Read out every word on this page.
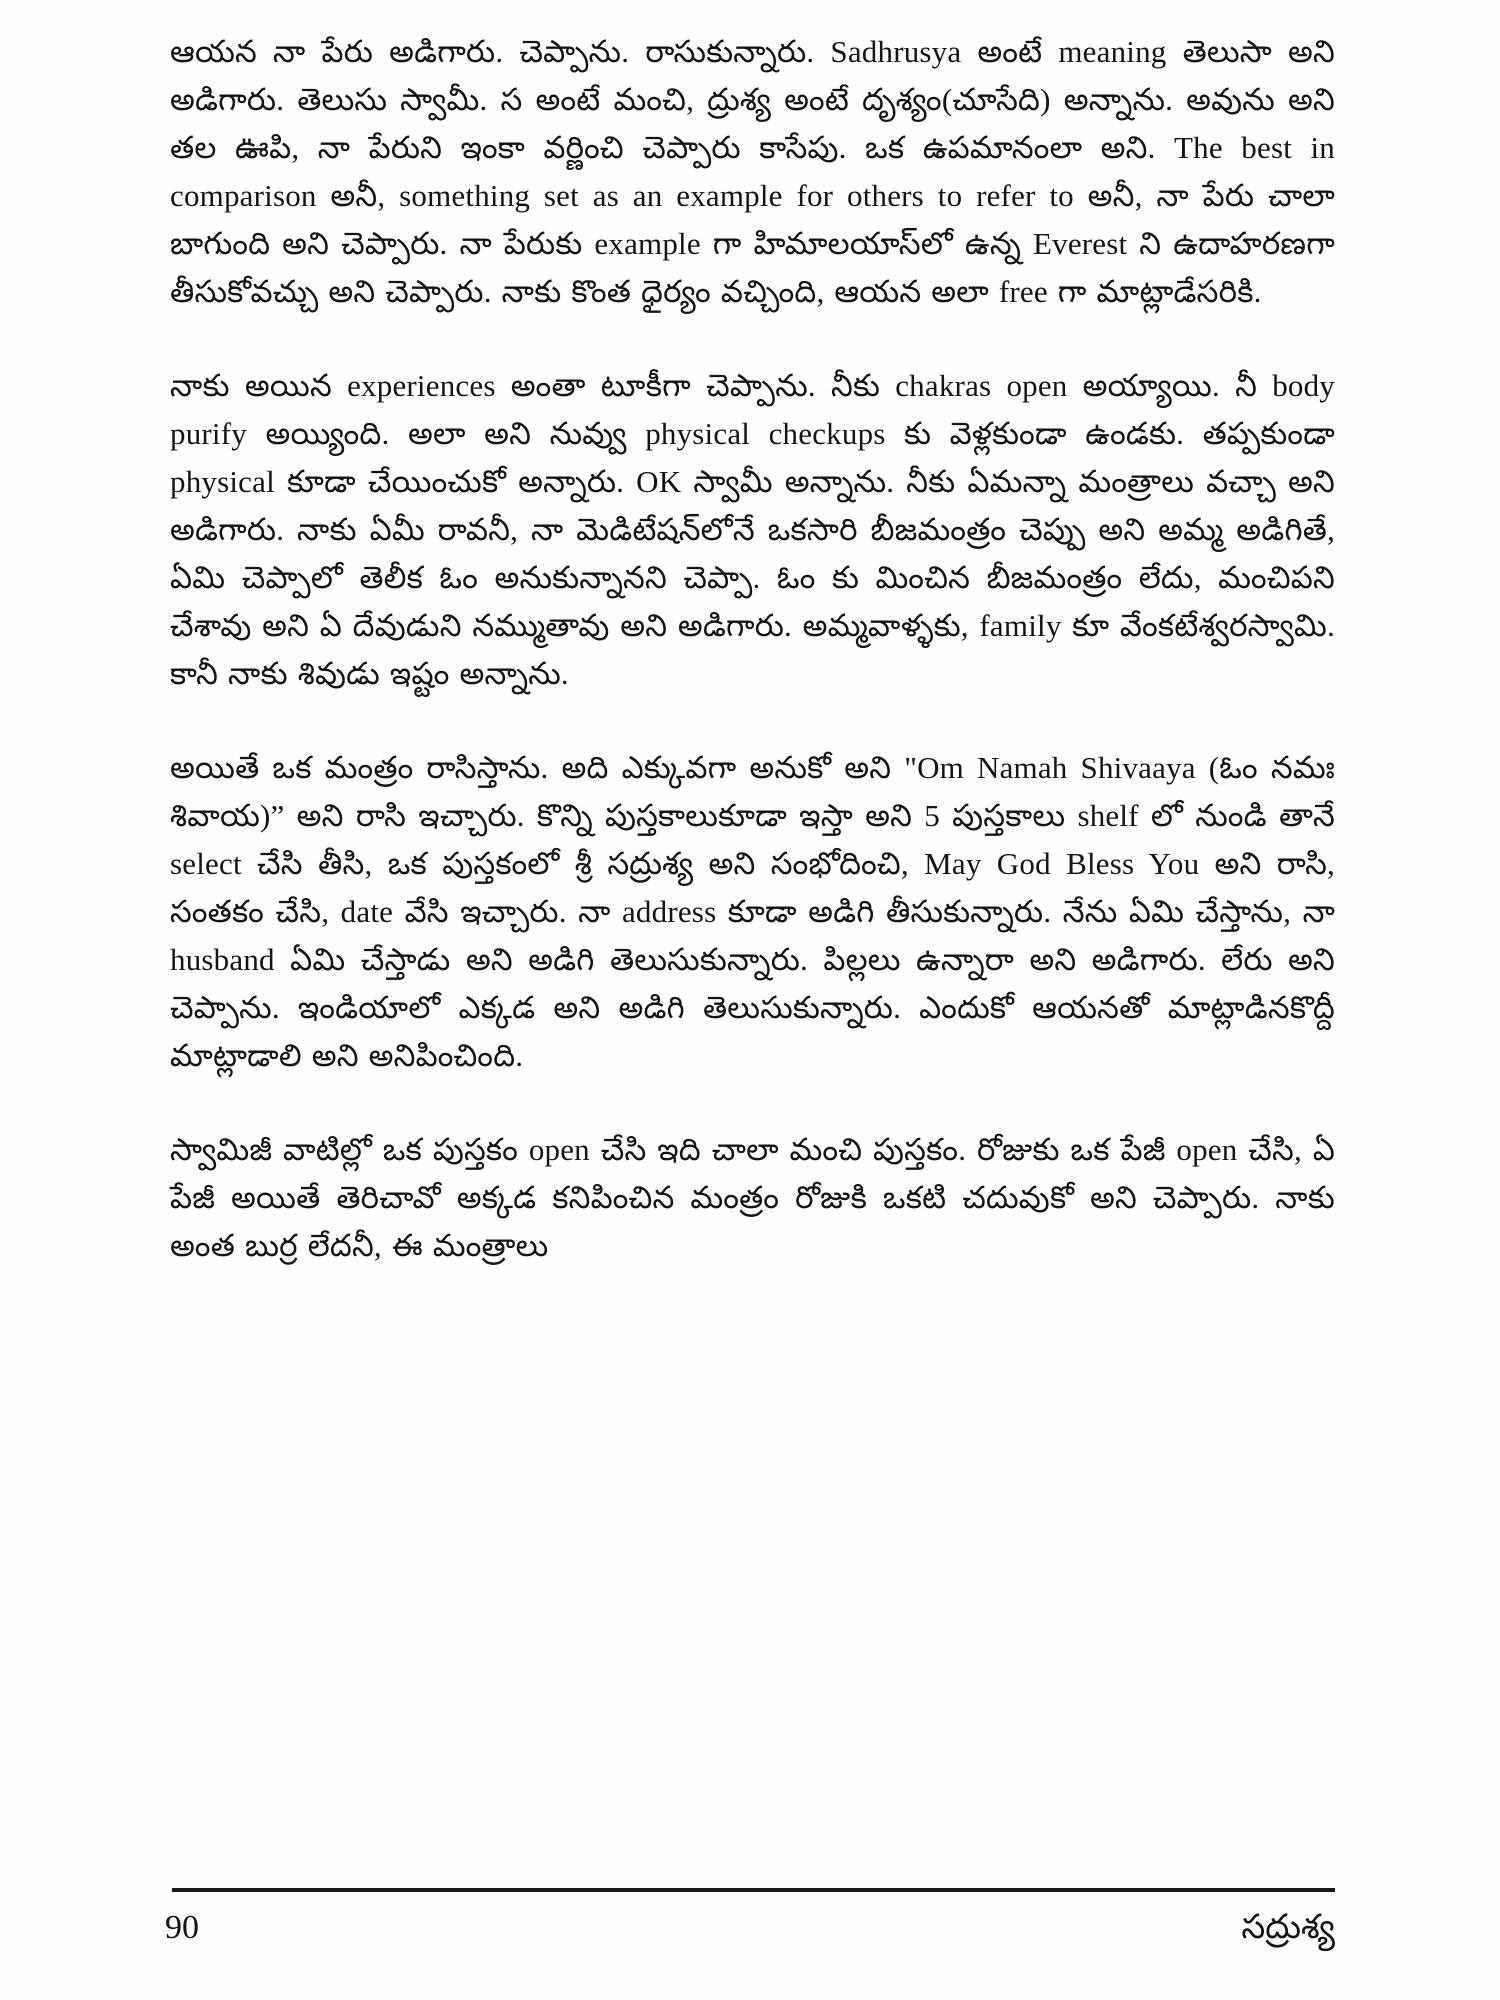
ఆయన నా పేరు అడిగారు. చెప్పాను. రాసుకున్నారు. Sadhrusya అంటే meaning తెలుసా అని అడిగారు. తెలుసు స్వామీ. స అంటే మంచి, ద్రుశ్య అంటే దృశ్యం(చూసేది) అన్నాను. అవును అని తల ఊపి, నా పేరుని ఇంకా వర్ణించి చెప్పారు కాసేపు. ఒక ఉపమానంలా అని. The best in comparison అనీ, something set as an example for others to refer to అనీ, నా పేరు చాలా బాగుంది అని చెప్పారు. నా పేరుకు example గా హిమాలయాస్‌లో ఉన్న Everest ని ఉదాహరణగా తీసుకోవచ్చు అని చెప్పారు. నాకు కొంత ధైర్యం వచ్చింది, ఆయన అలా free గా మాట్లాడేసరికి.

నాకు అయిన experiences అంతా టూకీగా చెప్పాను. నీకు chakras open అయ్యాయి. నీ body purify అయ్యింది. అలా అని నువ్వు physical checkups కు వెళ్లకుండా ఉండకు. తప్పకుండా physical కూడా చేయించుకో అన్నారు. OK స్వామీ అన్నాను. నీకు ఏమన్నా మంత్రాలు వచ్చా అని అడిగారు. నాకు ఏమీ రావనీ, నా మెడిటేషన్‌లోనే ఒకసారి బీజమంత్రం చెప్పు అని అమ్మ అడిగితే, ఏమి చెప్పాలో తెలీక ఓం అనుకున్నానని చెప్పా. ఓం కు మించిన బీజమంత్రం లేదు, మంచిపని చేశావు అని ఏ దేవుడుని నమ్ముతావు అని అడిగారు. అమ్మవాళ్ళకు, family కూ వేంకటేశ్వరస్వామి. కానీ నాకు శివుడు ఇష్టం అన్నాను.

అయితే ఒక మంత్రం రాసిస్తాను. అది ఎక్కువగా అనుకో అని "Om Namah Shivaaya (ఓం నమః శివాయ)” అని రాసి ఇచ్చారు. కొన్ని పుస్తకాలుకూడా ఇస్తా అని 5 పుస్తకాలు shelf లో నుండి తానే select చేసి తీసి, ఒక పుస్తకంలో శ్రీ సద్రుశ్య అని సంభోదించి, May God Bless You అని రాసి, సంతకం చేసి, date వేసి ఇచ్చారు. నా address కూడా అడిగి తీసుకున్నారు. నేను ఏమి చేస్తాను, నా husband ఏమి చేస్తాడు అని అడిగి తెలుసుకున్నారు. పిల్లలు ఉన్నారా అని అడిగారు. లేరు అని చెప్పాను. ఇండియాలో ఎక్కడ అని అడిగి తెలుసుకున్నారు. ఎందుకో ఆయనతో మాట్లాడినకొద్దీ మాట్లాడాలి అని అనిపించింది.

స్వామిజీ వాటిల్లో ఒక పుస్తకం open చేసి ఇది చాలా మంచి పుస్తకం. రోజుకు ఒక పేజీ open చేసి, ఏ పేజీ అయితే తెరిచావో అక్కడ కనిపించిన మంత్రం రోజుకి ఒకటి చదువుకో అని చెప్పారు. నాకు అంత బుర్ర లేదనీ, ఈ మంత్రాలు

90	సద్రుశ్య
